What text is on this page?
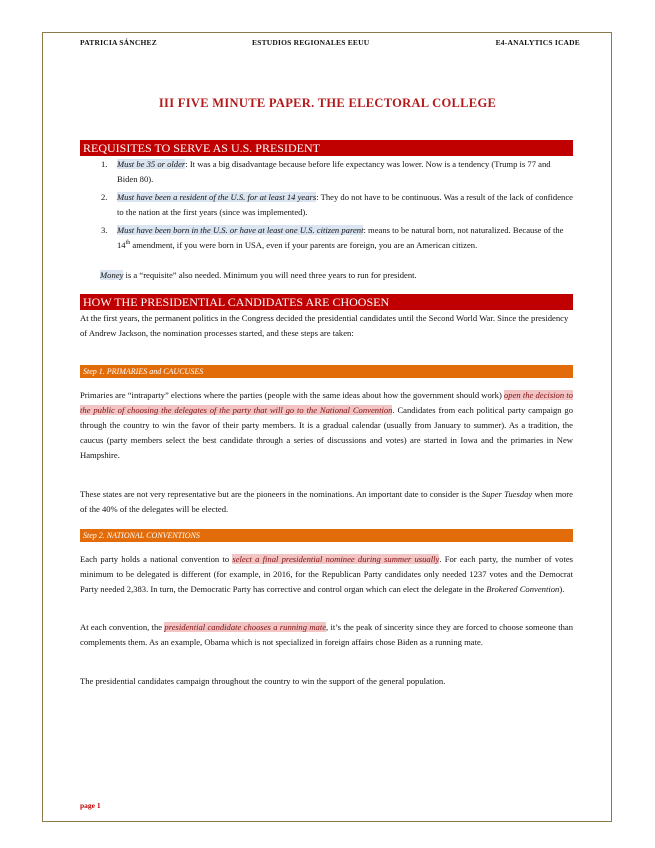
PATRICIA SÁNCHEZ	ESTUDIOS REGIONALES EEUU	E4-ANALYTICS ICADE
III FIVE MINUTE PAPER. THE ELECTORAL COLLEGE
REQUISITES TO SERVE AS U.S. PRESIDENT
1. Must be 35 or older: It was a big disadvantage because before life expectancy was lower. Now is a tendency (Trump is 77 and Biden 80).
2. Must have been a resident of the U.S. for at least 14 years: They do not have to be continuous. Was a result of the lack of confidence to the nation at the first years (since was implemented).
3. Must have been born in the U.S. or have at least one U.S. citizen parent: means to be natural born, not naturalized. Because of the 14th amendment, if you were born in USA, even if your parents are foreign, you are an American citizen.
Money is a “requisite” also needed. Minimum you will need three years to run for president.
HOW THE PRESIDENTIAL CANDIDATES ARE CHOOSEN
At the first years, the permanent politics in the Congress decided the presidential candidates until the Second World War. Since the presidency of Andrew Jackson, the nomination processes started, and these steps are taken:
Step 1. PRIMARIES and CAUCUSES
Primaries are “intraparty” elections where the parties (people with the same ideas about how the government should work) open the decision to the public of choosing the delegates of the party that will go to the National Convention. Candidates from each political party campaign go through the country to win the favor of their party members. It is a gradual calendar (usually from January to summer). As a tradition, the caucus (party members select the best candidate through a series of discussions and votes) are started in Iowa and the primaries in New Hampshire.
These states are not very representative but are the pioneers in the nominations. An important date to consider is the Super Tuesday when more of the 40% of the delegates will be elected.
Step 2. NATIONAL CONVENTIONS
Each party holds a national convention to select a final presidential nominee during summer usually. For each party, the number of votes minimum to be delegated is different (for example, in 2016, for the Republican Party candidates only needed 1237 votes and the Democrat Party needed 2,383. In turn, the Democratic Party has corrective and control organ which can elect the delegate in the Brokered Convention).
At each convention, the presidential candidate chooses a running mate, it’s the peak of sincerity since they are forced to choose someone than complements them. As an example, Obama which is not specialized in foreign affairs chose Biden as a running mate.
The presidential candidates campaign throughout the country to win the support of the general population.
page 1
